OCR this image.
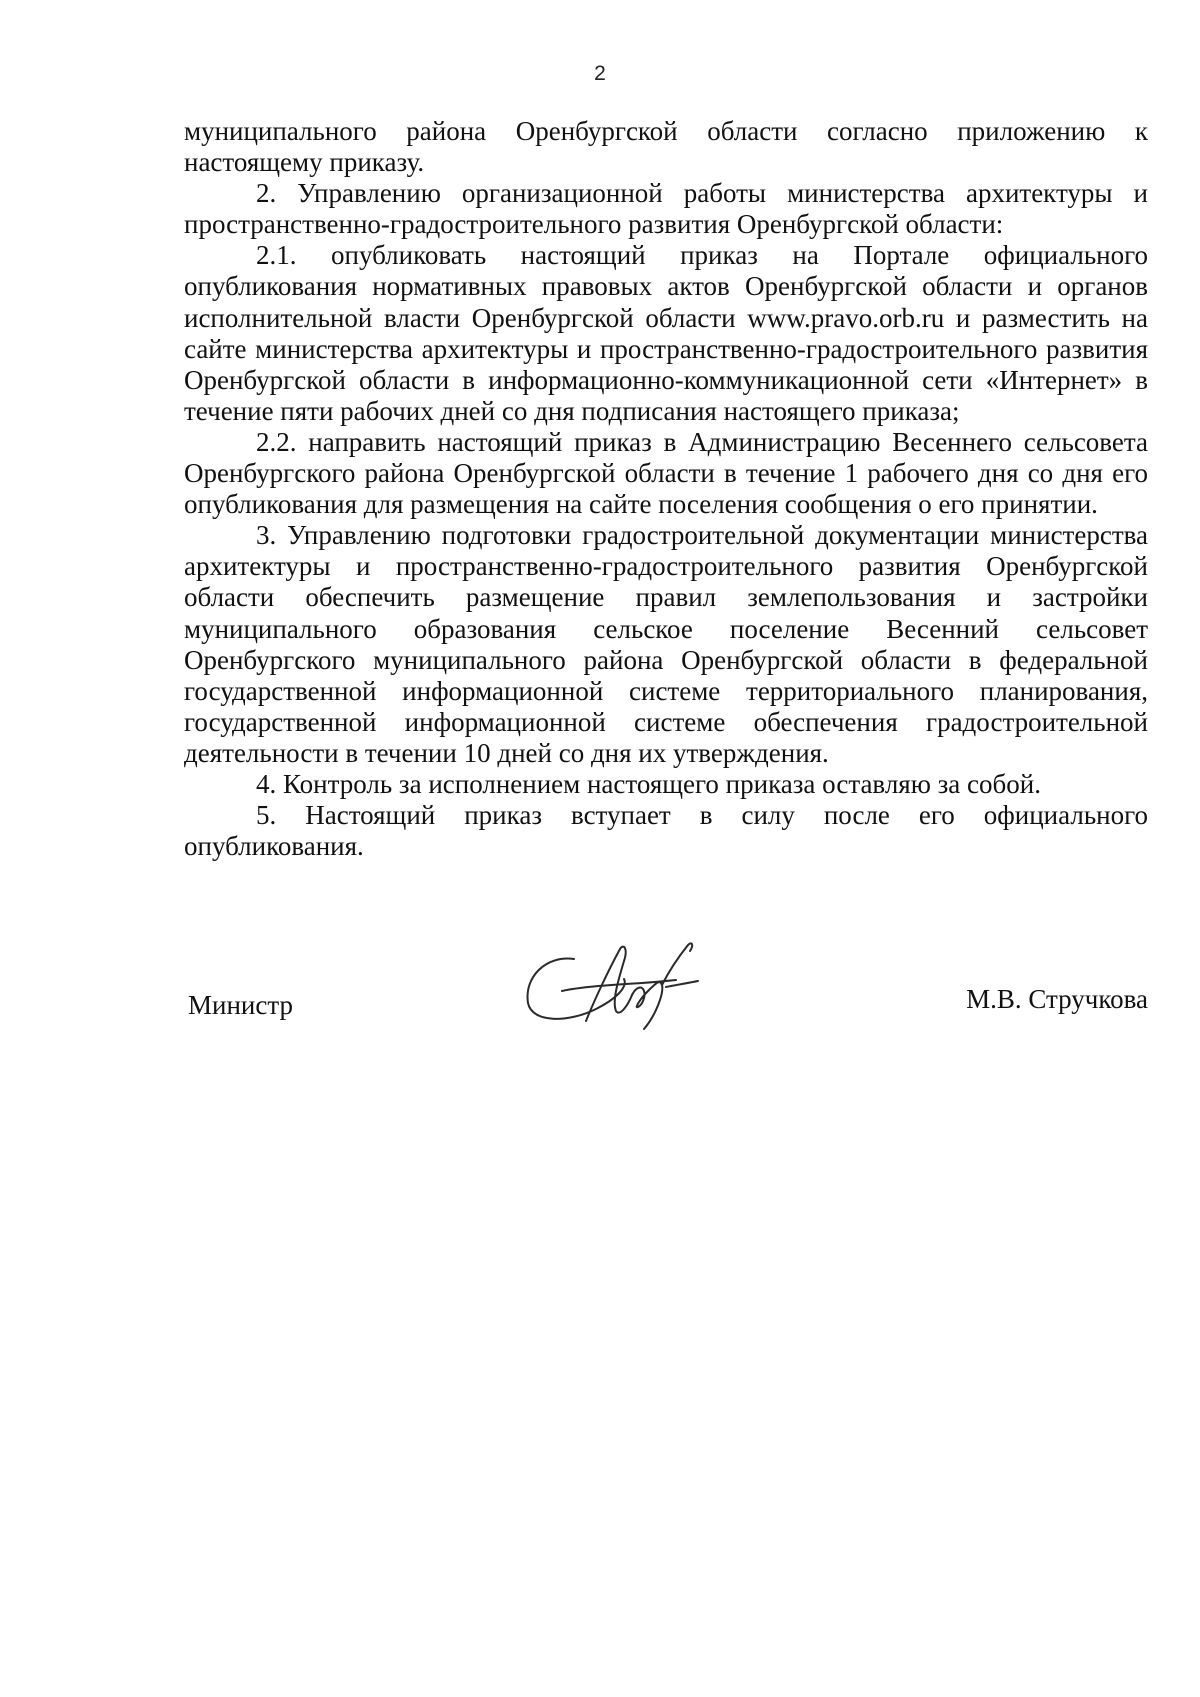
2

муниципального района Оренбургской области согласно приложению к настоящему приказу.

2. Управлению организационной работы министерства архитектуры и пространственно-градостроительного развития Оренбургской области:

2.1. опубликовать настоящий приказ на Портале официального опубликования нормативных правовых актов Оренбургской области и органов исполнительной власти Оренбургской области www.pravo.orb.ru и разместить на сайте министерства архитектуры и пространственно-градостроительного развития Оренбургской области в информационно-коммуникационной сети «Интернет» в течение пяти рабочих дней со дня подписания настоящего приказа;

2.2. направить настоящий приказ в Администрацию Весеннего сельсовета Оренбургского района Оренбургской области в течение 1 рабочего дня со дня его опубликования для размещения на сайте поселения сообщения о его принятии.

3. Управлению подготовки градостроительной документации министерства архитектуры и пространственно-градостроительного развития Оренбургской области обеспечить размещение правил землепользования и застройки муниципального образования сельское поселение Весенний сельсовет Оренбургского муниципального района Оренбургской области в федеральной государственной информационной системе территориального планирования, государственной информационной системе обеспечения градостроительной деятельности в течении 10 дней со дня их утверждения.

4. Контроль за исполнением настоящего приказа оставляю за собой.

5. Настоящий приказ вступает в силу после его официального опубликования.

Министр	М.В. Стручкова
